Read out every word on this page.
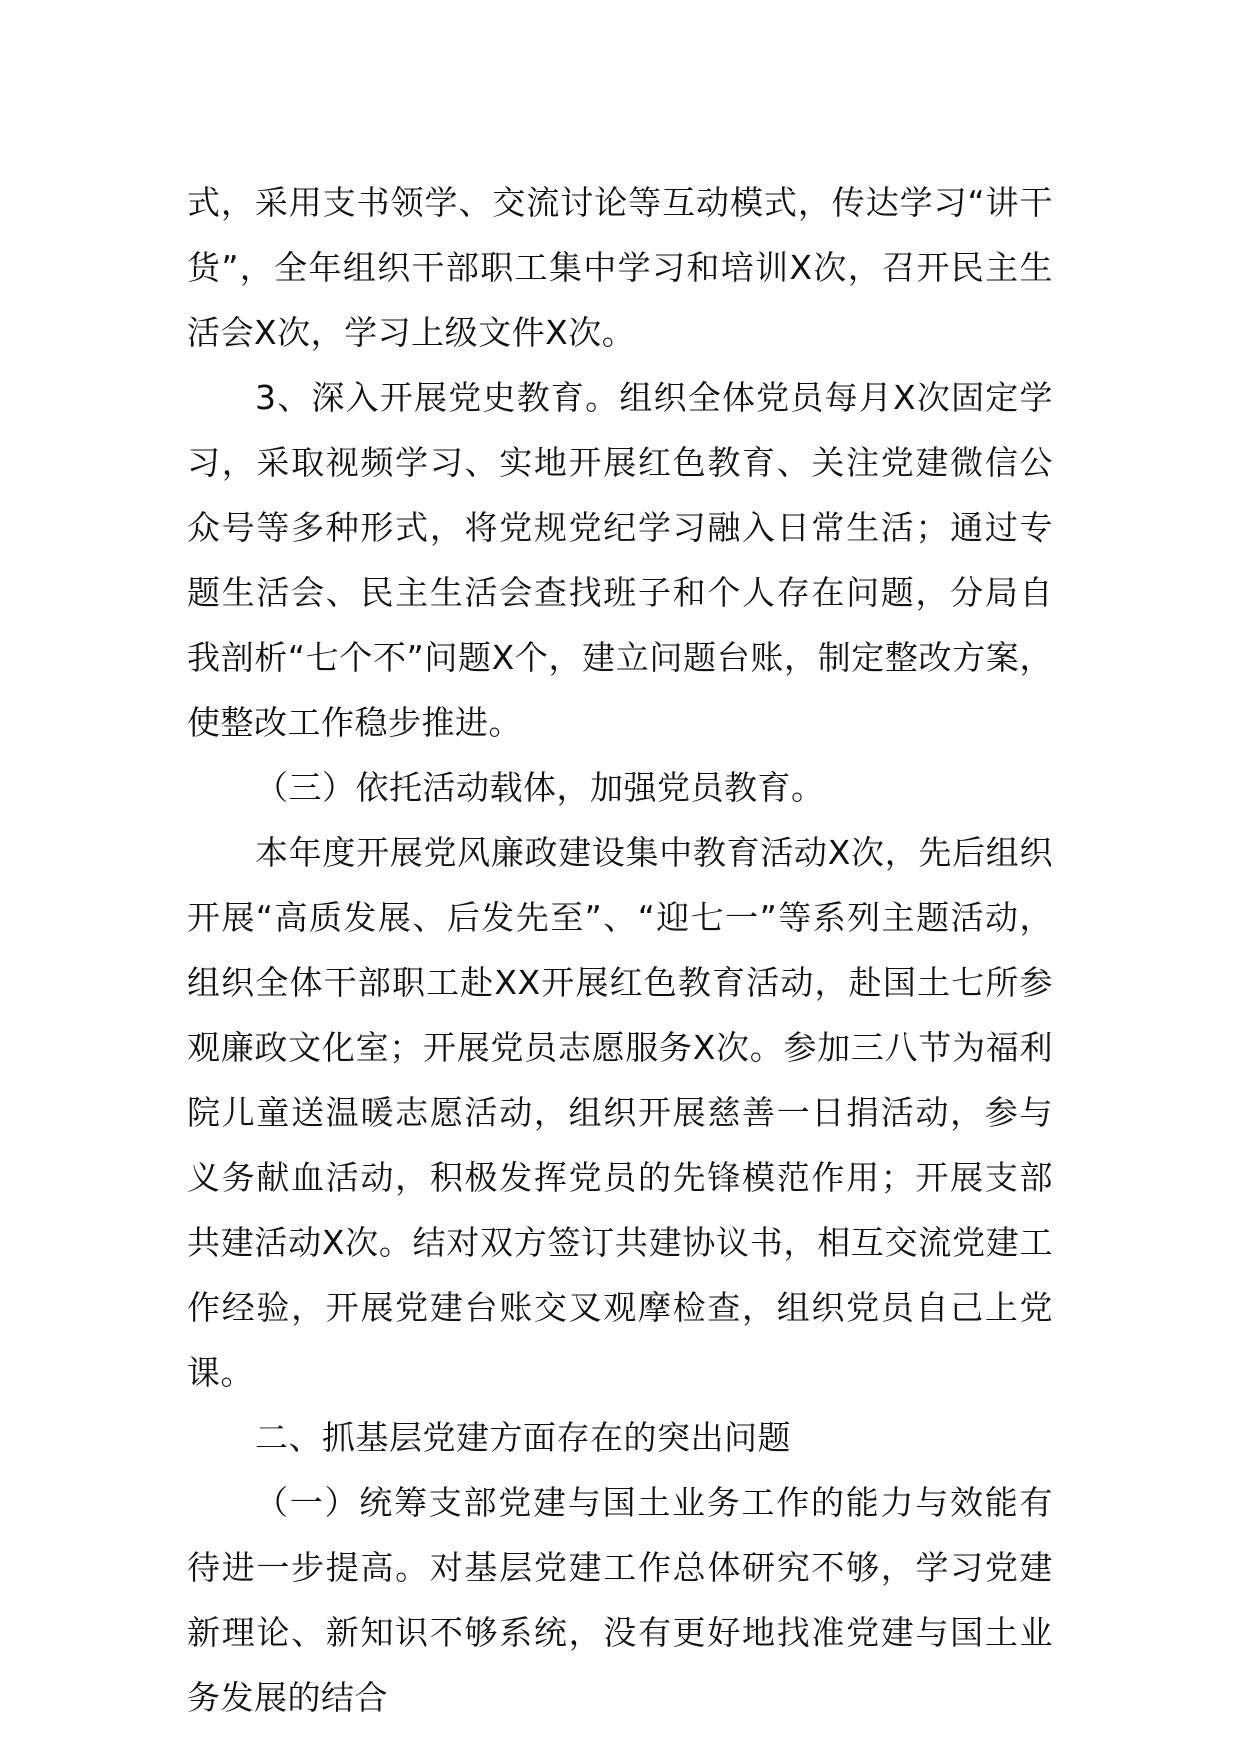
式，采用支书领学、交流讨论等互动模式，传达学习“讲干货”，全年组织干部职工集中学习和培训X次，召开民主生活会X次，学习上级文件X次。

3、深入开展党史教育。组织全体党员每月X次固定学习，采取视频学习、实地开展红色教育、关注党建微信公众号等多种形式，将党规党纪学习融入日常生活；通过专题生活会、民主生活会查找班子和个人存在问题，分局自我剖析“七个不”问题X个，建立问题台账，制定整改方案，使整改工作稳步推进。

（三）依托活动载体，加强党员教育。

本年度开展党风廉政建设集中教育活动X次，先后组织开展“高质发展、后发先至”、“迎七一”等系列主题活动，组织全体干部职工赴XX开展红色教育活动，赴国土七所参观廉政文化室；开展党员志愿服务X次。参加三八节为福利院儿童送温暖志愿活动，组织开展慈善一日捐活动，参与义务献血活动，积极发挥党员的先锋模范作用；开展支部共建活动X次。结对双方签订共建协议书，相互交流党建工作经验，开展党建台账交叉观摩检查，组织党员自己上党课。

二、抓基层党建方面存在的突出问题

（一）统筹支部党建与国土业务工作的能力与效能有待进一步提高。对基层党建工作总体研究不够，学习党建新理论、新知识不够系统，没有更好地找准党建与国土业务发展的结合
